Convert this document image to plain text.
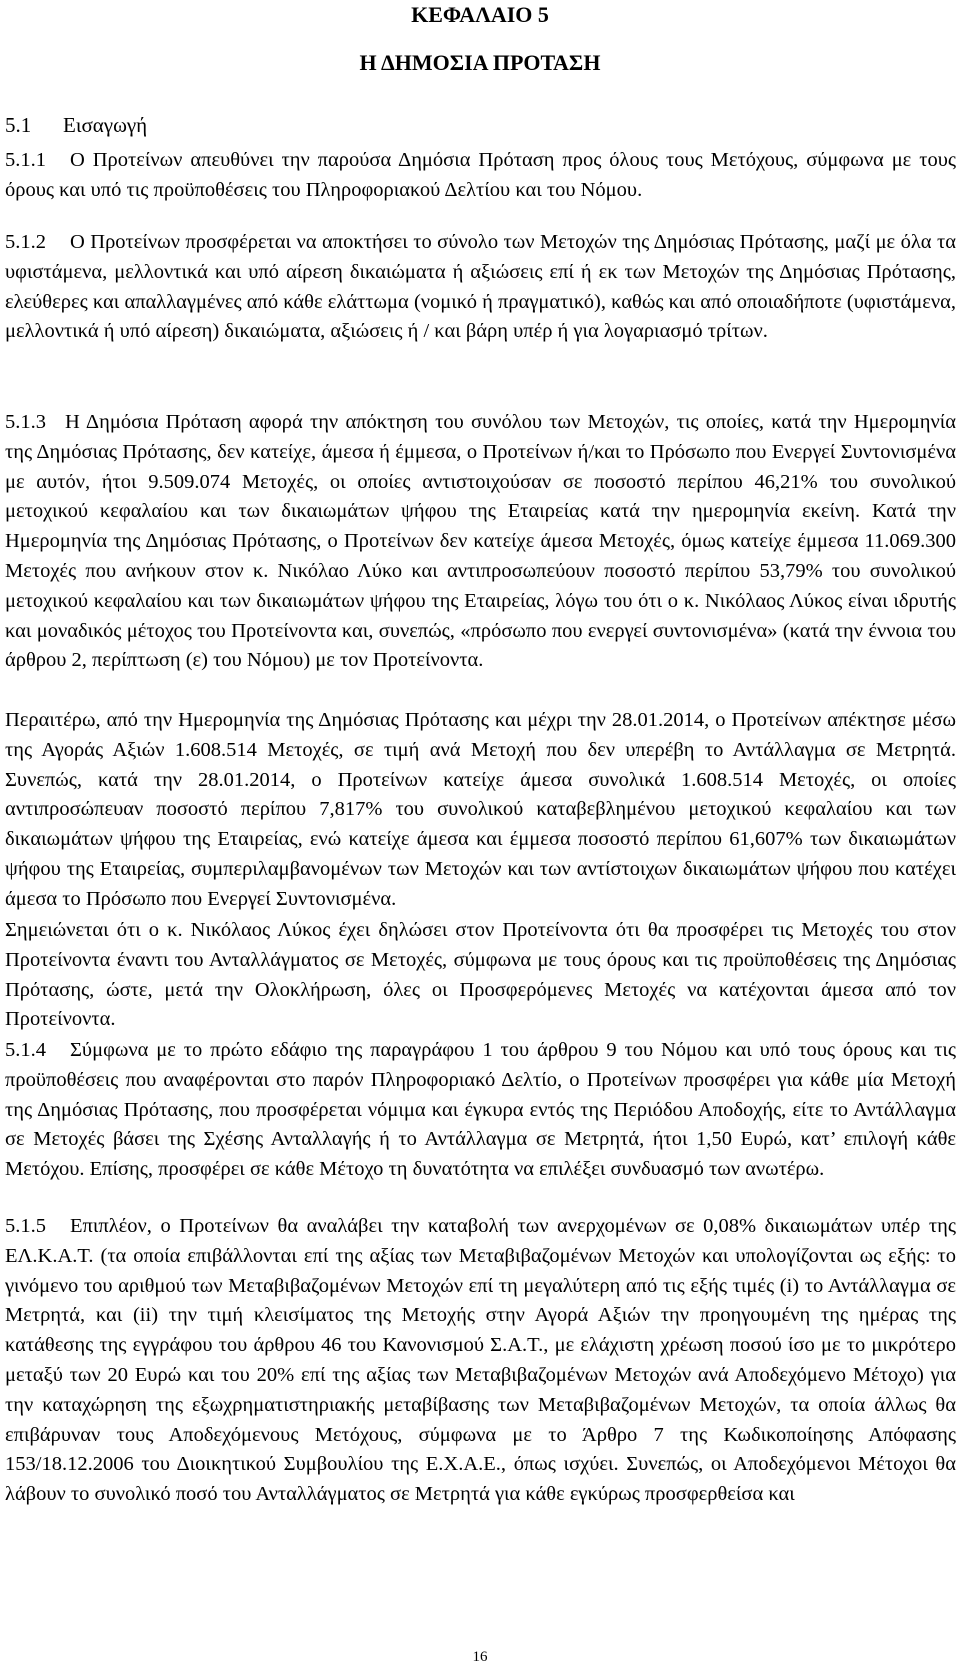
ΚΕΦΑΛΑΙΟ 5
Η ΔΗΜΟΣΙΑ ΠΡΟΤΑΣΗ
5.1 Εισαγωγή
5.1.1 Ο Προτείνων απευθύνει την παρούσα Δημόσια Πρόταση προς όλους τους Μετόχους, σύμφωνα με τους όρους και υπό τις προϋποθέσεις του Πληροφοριακού Δελτίου και του Νόμου.
5.1.2 Ο Προτείνων προσφέρεται να αποκτήσει το σύνολο των Μετοχών της Δημόσιας Πρότασης, μαζί με όλα τα υφιστάμενα, μελλοντικά και υπό αίρεση δικαιώματα ή αξιώσεις επί ή εκ των Μετοχών της Δημόσιας Πρότασης, ελεύθερες και απαλλαγμένες από κάθε ελάττωμα (νομικό ή πραγματικό), καθώς και από οποιαδήποτε (υφιστάμενα, μελλοντικά ή υπό αίρεση) δικαιώματα, αξιώσεις ή / και βάρη υπέρ ή για λογαριασμό τρίτων.
5.1.3 Η Δημόσια Πρόταση αφορά την απόκτηση του συνόλου των Μετοχών, τις οποίες, κατά την Ημερομηνία της Δημόσιας Πρότασης, δεν κατείχε, άμεσα ή έμμεσα, ο Προτείνων ή/και το Πρόσωπο που Ενεργεί Συντονισμένα με αυτόν, ήτοι 9.509.074 Μετοχές, οι οποίες αντιστοιχούσαν σε ποσοστό περίπου 46,21% του συνολικού μετοχικού κεφαλαίου και των δικαιωμάτων ψήφου της Εταιρείας κατά την ημερομηνία εκείνη. Κατά την Ημερομηνία της Δημόσιας Πρότασης, ο Προτείνων δεν κατείχε άμεσα Μετοχές, όμως κατείχε έμμεσα 11.069.300 Μετοχές που ανήκουν στον κ. Νικόλαο Λύκο και αντιπροσωπεύουν ποσοστό περίπου 53,79% του συνολικού μετοχικού κεφαλαίου και των δικαιωμάτων ψήφου της Εταιρείας, λόγω του ότι ο κ. Νικόλαος Λύκος είναι ιδρυτής και μοναδικός μέτοχος του Προτείνοντα και, συνεπώς, «πρόσωπο που ενεργεί συντονισμένα» (κατά την έννοια του άρθρου 2, περίπτωση (ε) του Νόμου) με τον Προτείνοντα.
Περαιτέρω, από την Ημερομηνία της Δημόσιας Πρότασης και μέχρι την 28.01.2014, ο Προτείνων απέκτησε μέσω της Αγοράς Αξιών 1.608.514 Μετοχές, σε τιμή ανά Μετοχή που δεν υπερέβη το Αντάλλαγμα σε Μετρητά. Συνεπώς, κατά την 28.01.2014, ο Προτείνων κατείχε άμεσα συνολικά 1.608.514 Μετοχές, οι οποίες αντιπροσώπευαν ποσοστό περίπου 7,817% του συνολικού καταβεβλημένου μετοχικού κεφαλαίου και των δικαιωμάτων ψήφου της Εταιρείας, ενώ κατείχε άμεσα και έμμεσα ποσοστό περίπου 61,607% των δικαιωμάτων ψήφου της Εταιρείας, συμπεριλαμβανομένων των Μετοχών και των αντίστοιχων δικαιωμάτων ψήφου που κατέχει άμεσα το Πρόσωπο που Ενεργεί Συντονισμένα.
Σημειώνεται ότι ο κ. Νικόλαος Λύκος έχει δηλώσει στον Προτείνοντα ότι θα προσφέρει τις Μετοχές του στον Προτείνοντα έναντι του Ανταλλάγματος σε Μετοχές, σύμφωνα με τους όρους και τις προϋποθέσεις της Δημόσιας Πρότασης, ώστε, μετά την Ολοκλήρωση, όλες οι Προσφερόμενες Μετοχές να κατέχονται άμεσα από τον Προτείνοντα.
5.1.4 Σύμφωνα με το πρώτο εδάφιο της παραγράφου 1 του άρθρου 9 του Νόμου και υπό τους όρους και τις προϋποθέσεις που αναφέρονται στο παρόν Πληροφοριακό Δελτίο, ο Προτείνων προσφέρει για κάθε μία Μετοχή της Δημόσιας Πρότασης, που προσφέρεται νόμιμα και έγκυρα εντός της Περιόδου Αποδοχής, είτε το Αντάλλαγμα σε Μετοχές βάσει της Σχέσης Ανταλλαγής ή το Αντάλλαγμα σε Μετρητά, ήτοι 1,50 Ευρώ, κατ’ επιλογή κάθε Μετόχου. Επίσης, προσφέρει σε κάθε Μέτοχο τη δυνατότητα να επιλέξει συνδυασμό των ανωτέρω.
5.1.5 Επιπλέον, ο Προτείνων θα αναλάβει την καταβολή των ανερχομένων σε 0,08% δικαιωμάτων υπέρ της ΕΛ.Κ.Α.Τ. (τα οποία επιβάλλονται επί της αξίας των Μεταβιβαζομένων Μετοχών και υπολογίζονται ως εξής: το γινόμενο του αριθμού των Μεταβιβαζομένων Μετοχών επί τη μεγαλύτερη από τις εξής τιμές (i) το Αντάλλαγμα σε Μετρητά, και (ii) την τιμή κλεισίματος της Μετοχής στην Αγορά Αξιών την προηγουμένη της ημέρας της κατάθεσης της εγγράφου του άρθρου 46 του Κανονισμού Σ.Α.Τ., με ελάχιστη χρέωση ποσού ίσο με το μικρότερο μεταξύ των 20 Ευρώ και του 20% επί της αξίας των Μεταβιβαζομένων Μετοχών ανά Αποδεχόμενο Μέτοχο) για την καταχώρηση της εξωχρηματιστηριακής μεταβίβασης των Μεταβιβαζομένων Μετοχών, τα οποία άλλως θα επιβάρυναν τους Αποδεχόμενους Μετόχους, σύμφωνα με το Άρθρο 7 της Κωδικοποίησης Απόφασης 153/18.12.2006 του Διοικητικού Συμβουλίου της Ε.Χ.Α.Ε., όπως ισχύει. Συνεπώς, οι Αποδεχόμενοι Μέτοχοι θα λάβουν το συνολικό ποσό του Ανταλλάγματος σε Μετρητά για κάθε εγκύρως προσφερθείσα και
16
